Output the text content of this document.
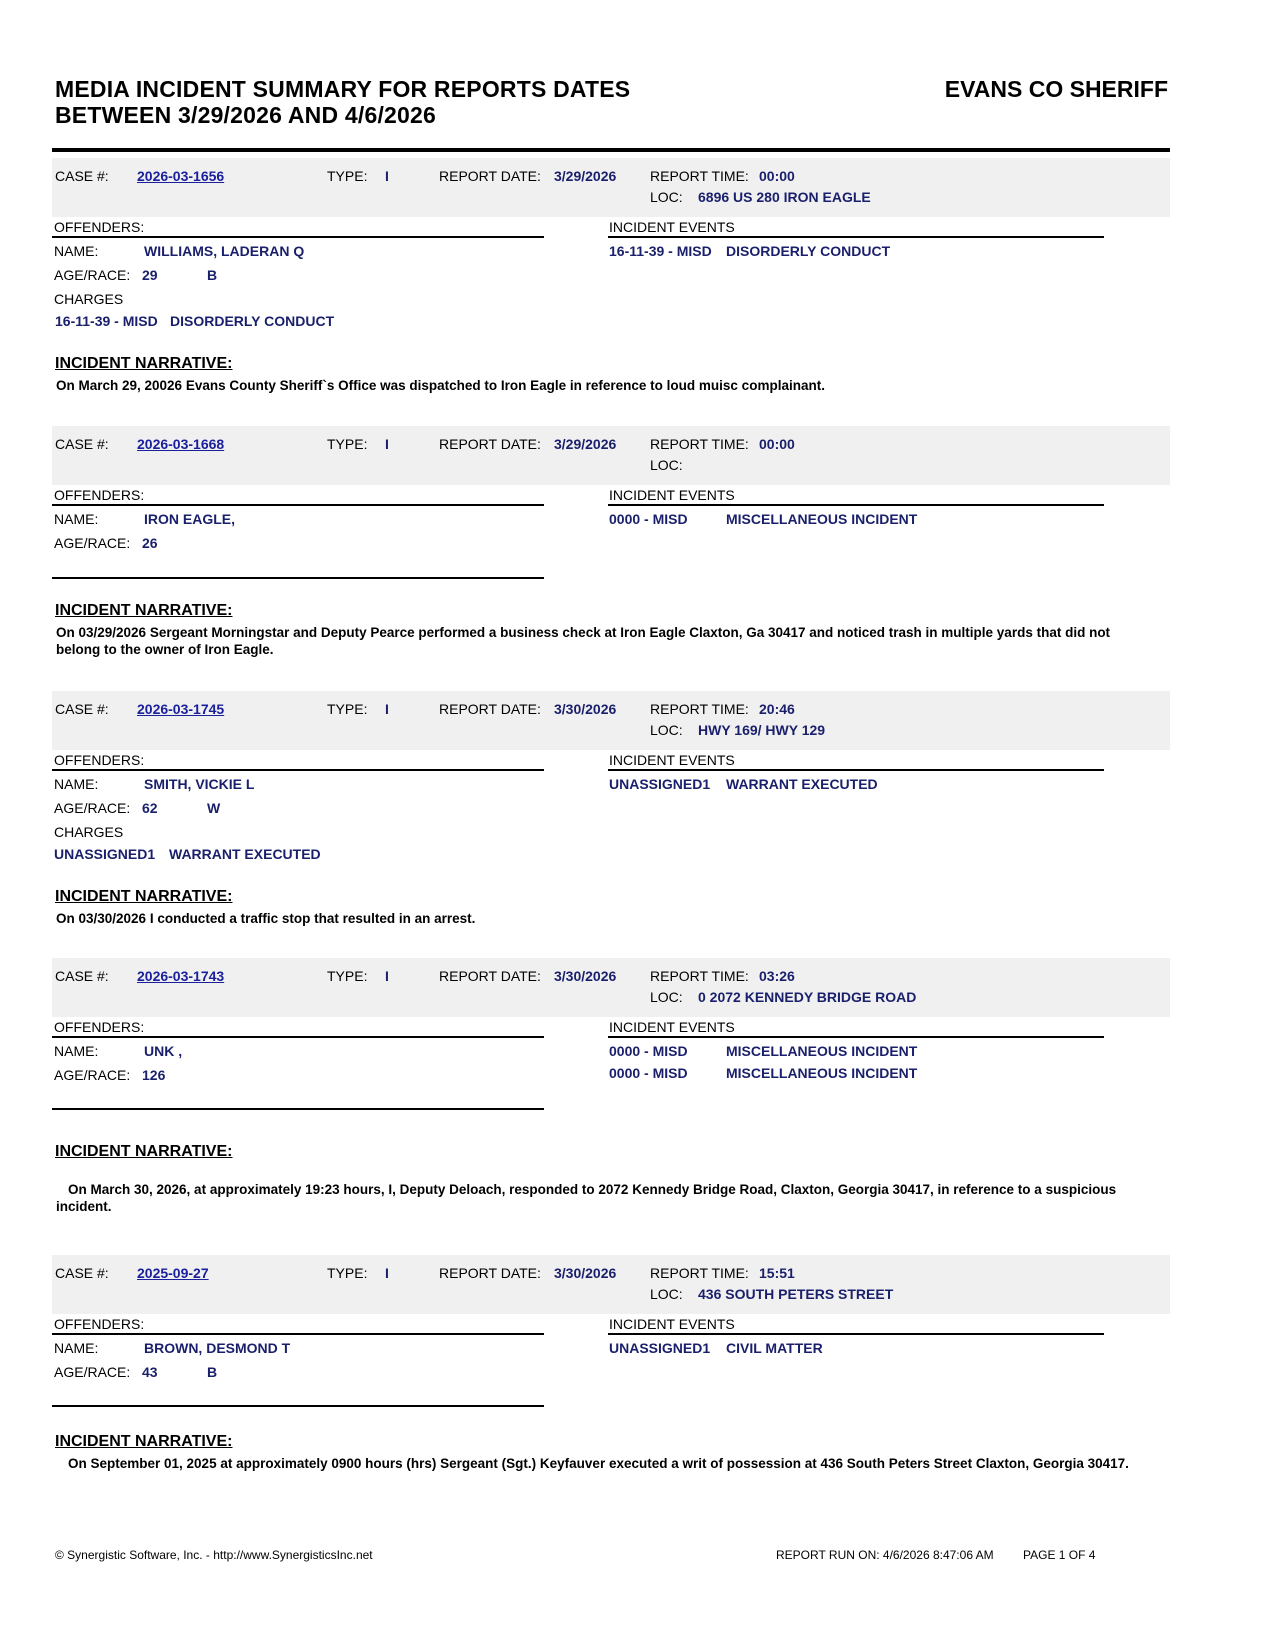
MEDIA INCIDENT SUMMARY FOR REPORTS DATES
BETWEEN 3/29/2026 AND 4/6/2026
EVANS CO SHERIFF
CASE #: 2026-03-1656	TYPE: I	REPORT DATE: 3/29/2026 REPORT TIME: 00:00
LOC: 6896 US 280 IRON EAGLE
OFFENDERS:	INCIDENT EVENTS
NAME:	WILLIAMS, LADERAN Q
AGE/RACE: 29	B
CHARGES
16-11-39 - MISD DISORDERLY CONDUCT
16-11-39 - MISD DISORDERLY CONDUCT
INCIDENT NARRATIVE:
On March 29, 20026 Evans County Sheriff`s Office was dispatched to Iron Eagle in reference to loud muisc complainant.
CASE #: 2026-03-1668	TYPE: I	REPORT DATE: 3/29/2026 REPORT TIME: 00:00
LOC:
OFFENDERS:	INCIDENT EVENTS
NAME:	IRON EAGLE,
AGE/RACE: 26
0000 - MISD	MISCELLANEOUS INCIDENT
INCIDENT NARRATIVE:
On 03/29/2026 Sergeant Morningstar and Deputy Pearce performed a business check at Iron Eagle Claxton, Ga 30417 and noticed trash in multiple yards that did not belong to the owner of Iron Eagle.
CASE #: 2026-03-1745	TYPE: I	REPORT DATE: 3/30/2026 REPORT TIME: 20:46
LOC: HWY 169/ HWY 129
OFFENDERS:	INCIDENT EVENTS
NAME:	SMITH, VICKIE L
AGE/RACE: 62	W
CHARGES
UNASSIGNED1 WARRANT EXECUTED
UNASSIGNED1 WARRANT EXECUTED
INCIDENT NARRATIVE:
On 03/30/2026 I conducted a traffic stop that resulted in an arrest.
CASE #: 2026-03-1743	TYPE: I	REPORT DATE: 3/30/2026 REPORT TIME: 03:26
LOC: 0 2072 KENNEDY BRIDGE ROAD
OFFENDERS:	INCIDENT EVENTS
NAME:	UNK ,
AGE/RACE: 126
0000 - MISD	MISCELLANEOUS INCIDENT
0000 - MISD	MISCELLANEOUS INCIDENT
INCIDENT NARRATIVE:
On March 30, 2026, at approximately 19:23 hours, I, Deputy Deloach, responded to 2072 Kennedy Bridge Road, Claxton, Georgia 30417, in reference to a suspicious incident.
CASE #: 2025-09-27	TYPE: I	REPORT DATE: 3/30/2026 REPORT TIME: 15:51
LOC: 436 SOUTH PETERS STREET
OFFENDERS:	INCIDENT EVENTS
NAME:	BROWN, DESMOND T
AGE/RACE: 43	B
UNASSIGNED1 CIVIL MATTER
INCIDENT NARRATIVE:
On September 01, 2025 at approximately 0900 hours (hrs) Sergeant (Sgt.) Keyfauver executed a writ of possession at 436 South Peters Street Claxton, Georgia 30417.
© Synergistic Software, Inc. - http://www.SynergisticsInc.net	REPORT RUN ON: 4/6/2026 8:47:06 AM PAGE 1 OF 4
